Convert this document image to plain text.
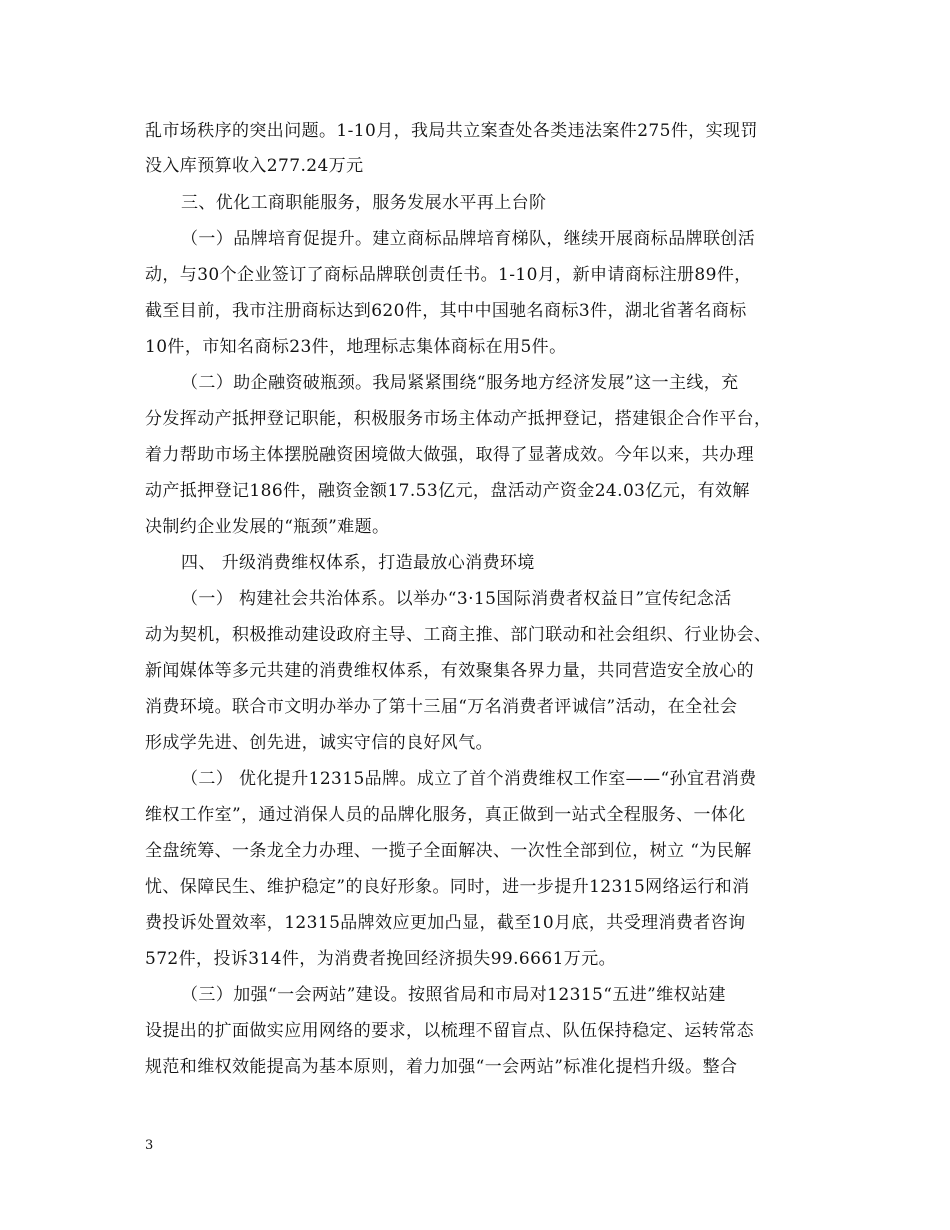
乱市场秩序的突出问题。1-10月，我局共立案查处各类违法案件275件，实现罚
没入库预算收入277.24万元
三、优化工商职能服务，服务发展水平再上台阶
（一）品牌培育促提升。建立商标品牌培育梯队，继续开展商标品牌联创活
动，与30个企业签订了商标品牌联创责任书。1-10月，新申请商标注册89件，
截至目前，我市注册商标达到620件，其中中国驰名商标3件，湖北省著名商标
10件，市知名商标23件，地理标志集体商标在用5件。
（二）助企融资破瓶颈。我局紧紧围绕“服务地方经济发展”这一主线，充
分发挥动产抵押登记职能，积极服务市场主体动产抵押登记，搭建银企合作平台，
着力帮助市场主体摆脱融资困境做大做强，取得了显著成效。今年以来，共办理
动产抵押登记186件，融资金额17.53亿元，盘活动产资金24.03亿元，有效解
决制约企业发展的“瓶颈”难题。
四、 升级消费维权体系，打造最放心消费环境
（一） 构建社会共治体系。以举办“3·15国际消费者权益日”宣传纪念活
动为契机，积极推动建设政府主导、工商主推、部门联动和社会组织、行业协会、
新闻媒体等多元共建的消费维权体系，有效聚集各界力量，共同营造安全放心的
消费环境。联合市文明办举办了第十三届“万名消费者评诚信”活动，在全社会
形成学先进、创先进，诚实守信的良好风气。
（二） 优化提升12315品牌。成立了首个消费维权工作室——“孙宜君消费
维权工作室”，通过消保人员的品牌化服务，真正做到一站式全程服务、一体化
全盘统筹、一条龙全力办理、一揽子全面解决、一次性全部到位，树立 “为民解
忧、保障民生、维护稳定”的良好形象。同时，进一步提升12315网络运行和消
费投诉处置效率，12315品牌效应更加凸显，截至10月底，共受理消费者咨询
572件，投诉314件，为消费者挽回经济损失99.6661万元。
（三）加强“一会两站”建设。按照省局和市局对12315“五进”维权站建
设提出的扩面做实应用网络的要求，以梳理不留盲点、队伍保持稳定、运转常态
规范和维权效能提高为基本原则，着力加强“一会两站”标准化提档升级。整合
3
